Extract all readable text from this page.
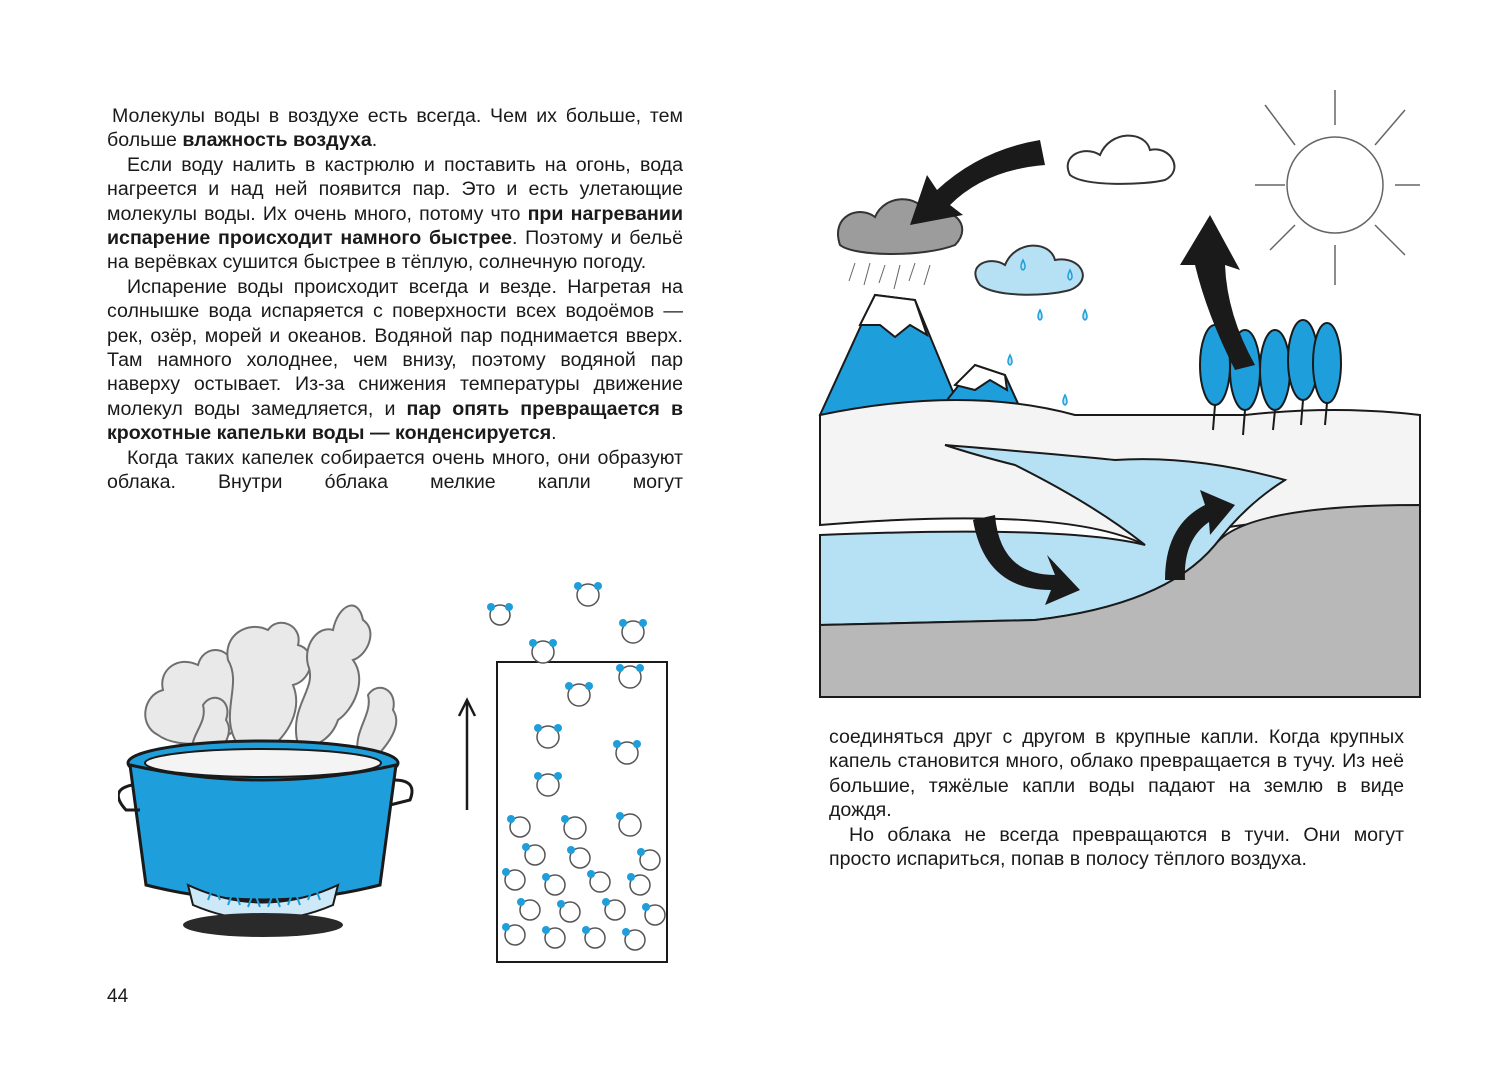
Молекулы воды в воздухе есть всегда. Чем их больше, тем больше влажность воздуха.

Если воду налить в кастрюлю и поставить на огонь, вода нагреется и над ней появится пар. Это и есть улетающие молекулы воды. Их очень много, потому что при нагревании испарение происходит намного быстрее. Поэтому и бельё на верёвках сушится быстрее в тёплую, солнечную погоду.

Испарение воды происходит всегда и везде. Нагретая на солнышке вода испаряется с поверхности всех водоёмов — рек, озёр, морей и океанов. Водяной пар поднимается вверх. Там намного холоднее, чем внизу, поэтому водяной пар наверху остывает. Из-за снижения температуры движение молекул воды замедляется, и пар опять превращается в крохотные капельки воды — конденсируется.

Когда таких капелек собирается очень много, они образуют облака. Внутри óблака мелкие капли могут

соединяться друг с другом в крупные капли. Когда крупных капель становится много, облако превращается в тучу. Из неё большие, тяжёлые капли воды падают на землю в виде дождя.

Но облака не всегда превращаются в тучи. Они могут просто испариться, попав в полосу тёплого воздуха.

44
